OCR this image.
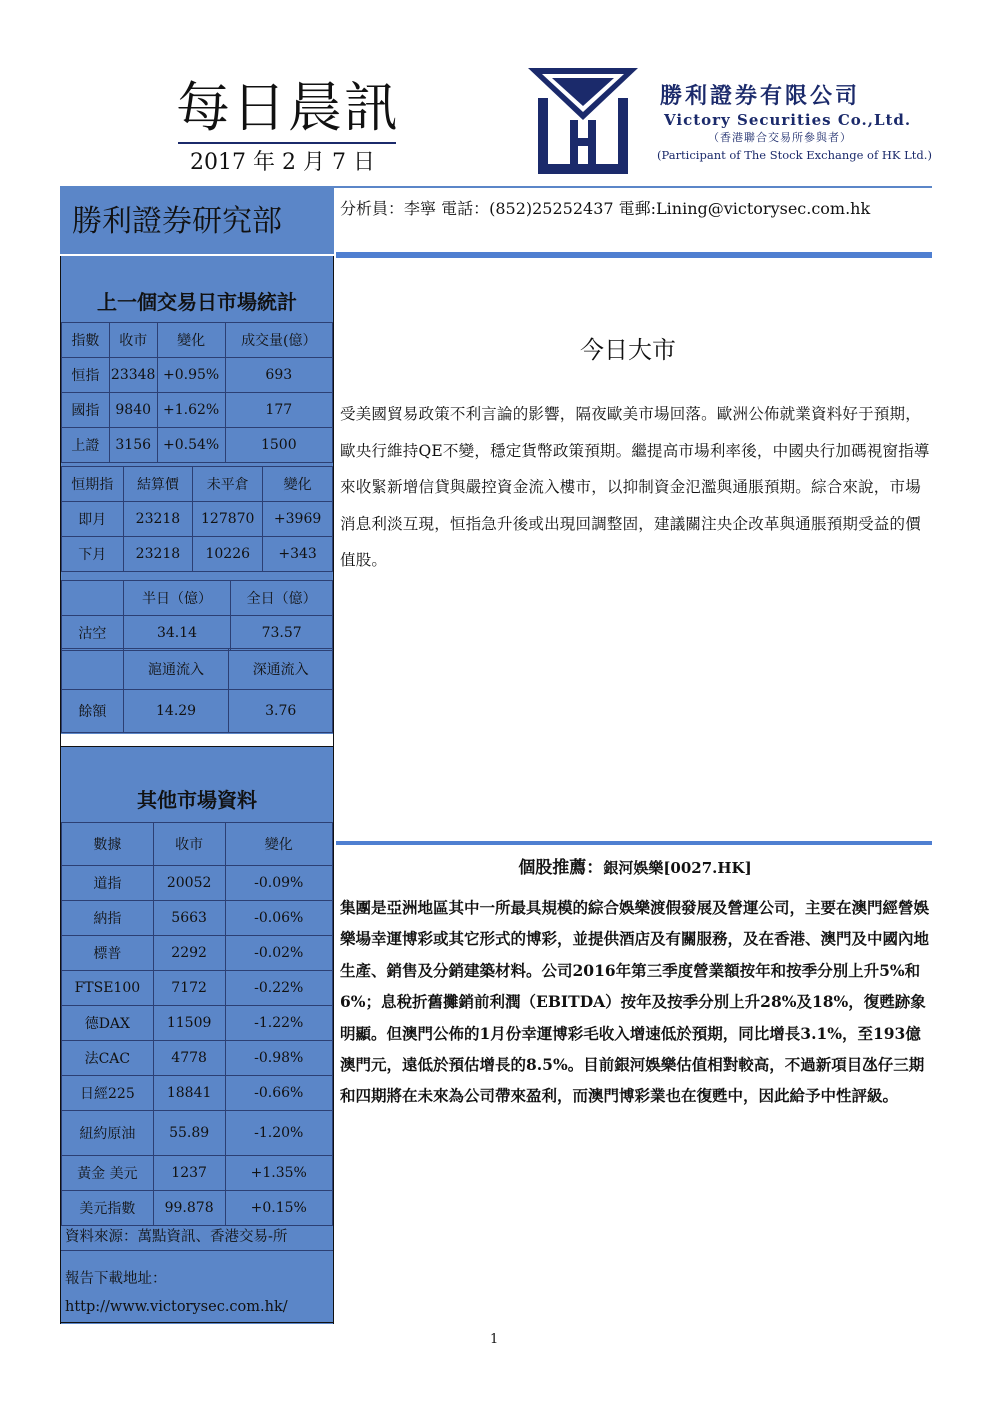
每日晨訊
2017 年 2 月 7 日
勝利證券有限公司
Victory Securities Co.,Ltd.
（香港聯合交易所參與者）
(Participant of The Stock Exchange of HK Ltd.)
勝利證券研究部	分析員：李寧 電話：(852)25252437 電郵:Lining@victorysec.com.hk
上一個交易日市場統計
指數	收市	變化	成交量(億）
恒指	23348	+0.95%	693
國指	9840	+1.62%	177
上證	3156	+0.54%	1500
恒期指	結算價	未平倉	變化
即月	23218	127870	+3969
下月	23218	10226	+343
	半日（億）	全日（億）
沽空	34.14	73.57
	滬通流入	深通流入
餘額	14.29	3.76
其他市場資料
數據	收市	變化
道指	20052	-0.09%
納指	5663	-0.06%
標普	2292	-0.02%
FTSE100	7172	-0.22%
德DAX	11509	-1.22%
法CAC	4778	-0.98%
日經225	18841	-0.66%
紐約原油	55.89	-1.20%
黃金 美元	1237	+1.35%
美元指數	99.878	+0.15%
資料來源：萬點資訊、香港交易-所
報告下載地址：
http://www.victorysec.com.hk/
今日大市
受美國貿易政策不利言論的影響，隔夜歐美市場回落。歐洲公佈就業資料好于預期，歐央行維持QE不變，穩定貨幣政策預期。繼提高市場利率後，中國央行加碼視窗指導來收緊新增信貸與嚴控資金流入樓市，以抑制資金氾濫與通脹預期。綜合來說，市場消息利淡互現，恒指急升後或出現回調整固，建議關注央企改革與通脹預期受益的價值股。
個股推薦：銀河娛樂[0027.HK]
集團是亞洲地區其中一所最具規模的綜合娛樂渡假發展及營運公司，主要在澳門經營娛樂場幸運博彩或其它形式的博彩，並提供酒店及有關服務，及在香港、澳門及中國內地生產、銷售及分銷建築材料。公司2016年第三季度營業額按年和按季分別上升5%和6%；息稅折舊攤銷前利潤（EBITDA）按年及按季分別上升28%及18%，復甦跡象明顯。但澳門公佈的1月份幸運博彩毛收入增速低於預期，同比增長3.1%，至193億澳門元，遠低於預估增長的8.5%。目前銀河娛樂估值相對較高，不過新項目氹仔三期和四期將在未來為公司帶來盈利，而澳門博彩業也在復甦中，因此給予中性評級。
1
